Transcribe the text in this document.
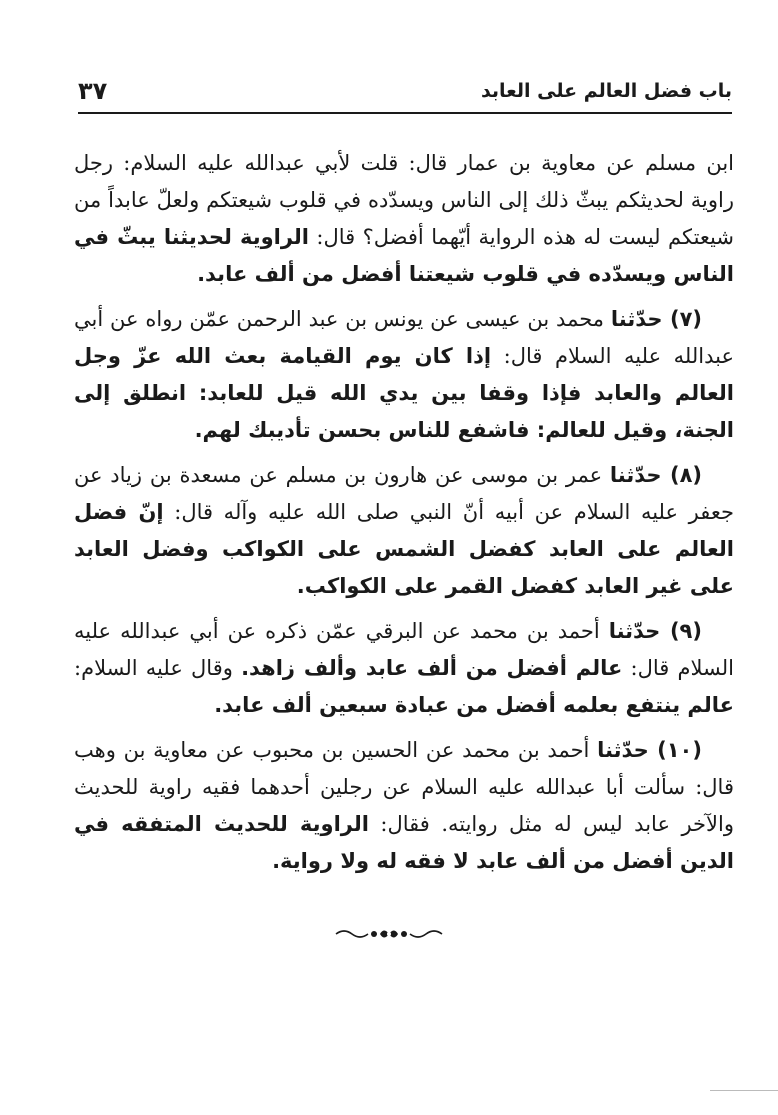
باب فضل العالم على العابد
٣٧

ابن مسلم عن معاوية بن عمار قال: قلت لأبي عبدالله عليه السلام: رجل راوية لحديثكم يبثّ ذلك إلى الناس ويسدّده في قلوب شيعتكم ولعلّ عابداً من شيعتكم ليست له هذه الرواية أيّهما أفضل؟ قال: الراوية لحديثنا يبثّ في الناس ويسدّده في قلوب شيعتنا أفضل من ألف عابد.

(٧) حدّثنا محمد بن عيسى عن يونس بن عبد الرحمن عمّن رواه عن أبي عبدالله عليه السلام قال: إذا كان يوم القيامة بعث الله عزّ وجل العالم والعابد فإذا وقفا بين يدي الله قيل للعابد: انطلق إلى الجنة، وقيل للعالم: فاشفع للناس بحسن تأديبك لهم.

(٨) حدّثنا عمر بن موسى عن هارون بن مسلم عن مسعدة بن زياد عن جعفر عليه السلام عن أبيه أنّ النبي صلى الله عليه وآله قال: إنّ فضل العالم على العابد كفضل الشمس على الكواكب وفضل العابد على غير العابد كفضل القمر على الكواكب.

(٩) حدّثنا أحمد بن محمد عن البرقي عمّن ذكره عن أبي عبدالله عليه السلام قال: عالم أفضل من ألف عابد وألف زاهد. وقال عليه السلام: عالم ينتفع بعلمه أفضل من عبادة سبعين ألف عابد.

(١٠) حدّثنا أحمد بن محمد عن الحسين بن محبوب عن معاوية بن وهب قال: سألت أبا عبدالله عليه السلام عن رجلين أحدهما فقيه راوية للحديث والآخر عابد ليس له مثل روايته. فقال: الراوية للحديث المتفقه في الدين أفضل من ألف عابد لا فقه له ولا رواية.
